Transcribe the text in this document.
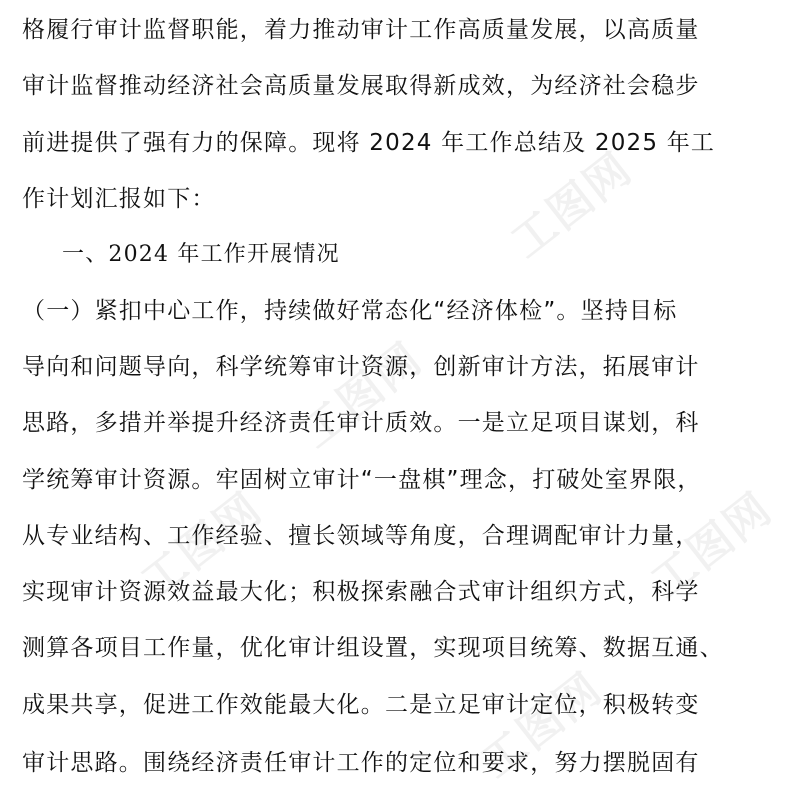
工图网
工图网
工图网	工图网
工图网
格履行审计监督职能，着力推动审计工作高质量发展，以高质量
审计监督推动经济社会高质量发展取得新成效，为经济社会稳步
前进提供了强有力的保障。现将 2024 年工作总结及 2025 年工
作计划汇报如下：
一、2024 年工作开展情况
（一）紧扣中心工作，持续做好常态化“经济体检”。坚持目标
导向和问题导向，科学统筹审计资源，创新审计方法，拓展审计
思路，多措并举提升经济责任审计质效。一是立足项目谋划，科
学统筹审计资源。牢固树立审计“一盘棋”理念，打破处室界限，
从专业结构、工作经验、擅长领域等角度，合理调配审计力量，
实现审计资源效益最大化；积极探索融合式审计组织方式，科学
测算各项目工作量，优化审计组设置，实现项目统筹、数据互通、
成果共享，促进工作效能最大化。二是立足审计定位，积极转变
审计思路。围绕经济责任审计工作的定位和要求，努力摆脱固有
